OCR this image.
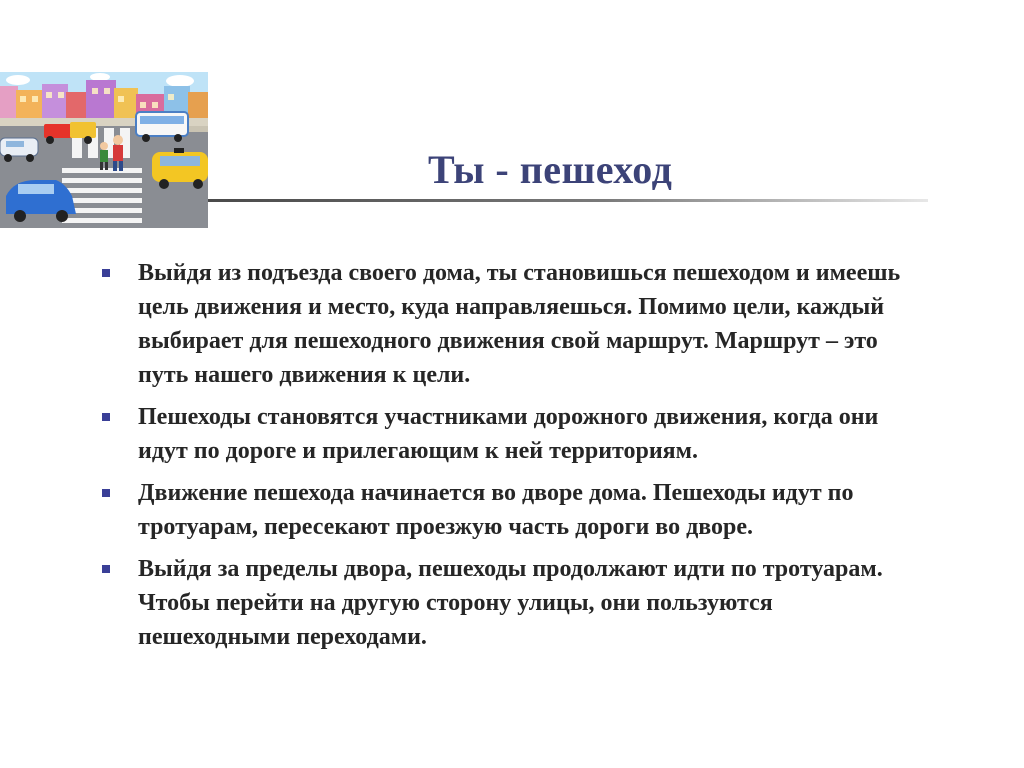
Ты - пешеход
Выйдя из подъезда своего дома, ты становишься пешеходом и имеешь цель движения и место, куда направляешься. Помимо цели, каждый выбирает для пешеходного движения свой маршрут. Маршрут – это путь нашего движения к цели.
Пешеходы становятся участниками дорожного движения, когда они идут по дороге и прилегающим к ней территориям.
Движение пешехода начинается во дворе дома. Пешеходы идут по тротуарам, пересекают проезжую часть дороги во дворе.
Выйдя за пределы двора, пешеходы продолжают идти по тротуарам. Чтобы перейти на другую сторону улицы, они пользуются пешеходными переходами.
